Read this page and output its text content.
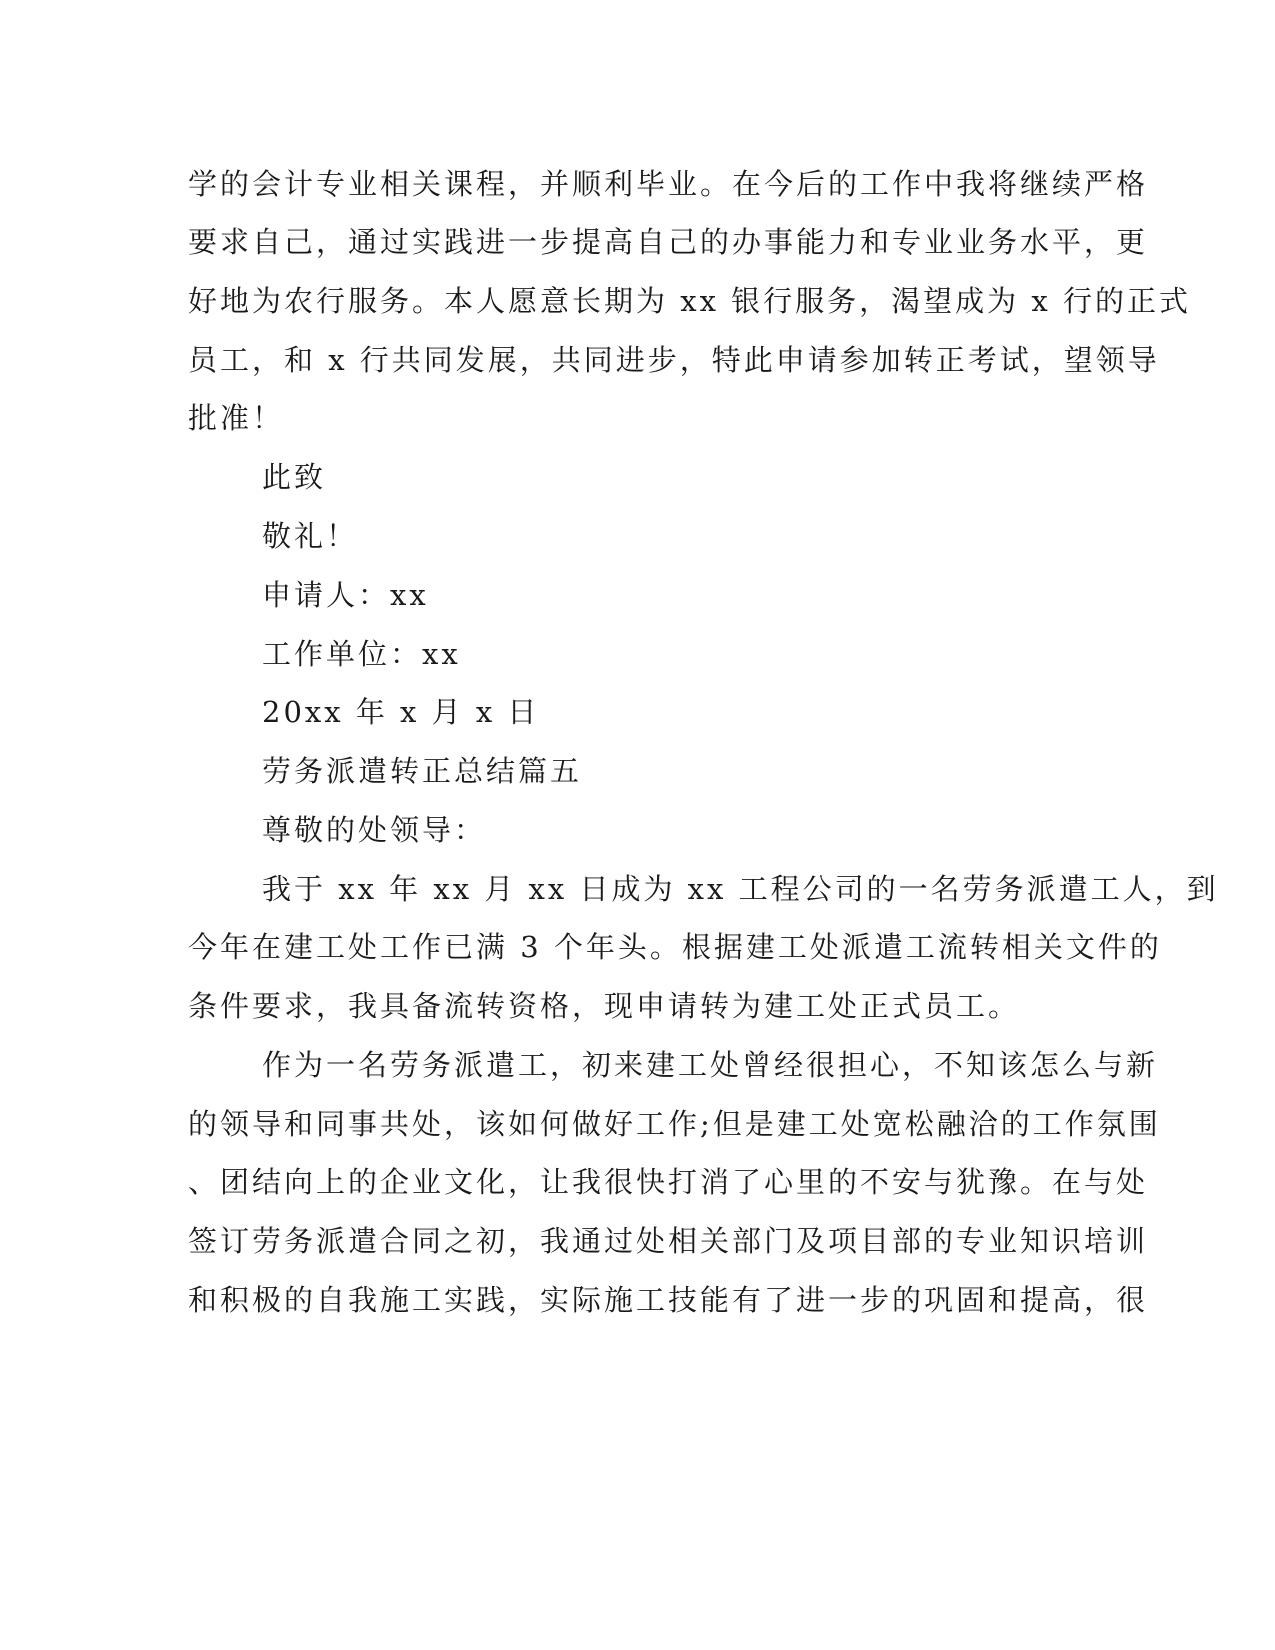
学的会计专业相关课程，并顺利毕业。在今后的工作中我将继续严格

要求自己，通过实践进一步提高自己的办事能力和专业业务水平，更

好地为农行服务。本人愿意长期为 xx 银行服务，渴望成为 x 行的正式

员工，和 x 行共同发展，共同进步，特此申请参加转正考试，望领导

批准！

此致

敬礼！

申请人：xx

工作单位：xx

20xx 年 x 月 x 日

劳务派遣转正总结篇五

尊敬的处领导：

我于 xx 年 xx 月 xx 日成为 xx 工程公司的一名劳务派遣工人，到

今年在建工处工作已满 3 个年头。根据建工处派遣工流转相关文件的

条件要求，我具备流转资格，现申请转为建工处正式员工。

作为一名劳务派遣工，初来建工处曾经很担心，不知该怎么与新

的领导和同事共处，该如何做好工作;但是建工处宽松融洽的工作氛围

、团结向上的企业文化，让我很快打消了心里的不安与犹豫。在与处

签订劳务派遣合同之初，我通过处相关部门及项目部的专业知识培训

和积极的自我施工实践，实际施工技能有了进一步的巩固和提高，很
